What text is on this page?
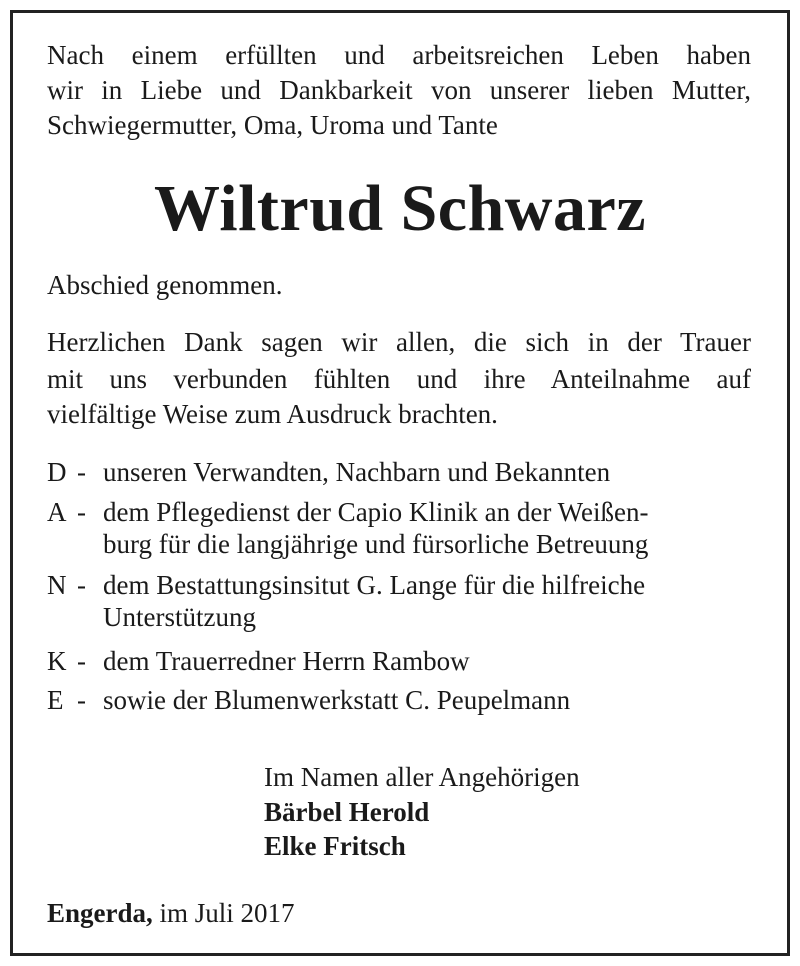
Nach einem erfüllten und arbeitsreichen Leben haben
wir in Liebe und Dankbarkeit von unserer lieben Mutter,
Schwiegermutter, Oma, Uroma und Tante
Wiltrud Schwarz
Abschied genommen.
Herzlichen Dank sagen wir allen, die sich in der Trauer
mit uns verbunden fühlten und ihre Anteilnahme auf
vielfältige Weise zum Ausdruck brachten.
D - unseren Verwandten, Nachbarn und Bekannten
A - dem Pflegedienst der Capio Klinik an der Weißen-
burg für die langjährige und fürsorliche Betreuung
N - dem Bestattungsinsitut G. Lange für die hilfreiche
Unterstützung
K - dem Trauerredner Herrn Rambow
E - sowie der Blumenwerkstatt C. Peupelmann
Im Namen aller Angehörigen
Bärbel Herold
Elke Fritsch
Engerda, im Juli 2017
